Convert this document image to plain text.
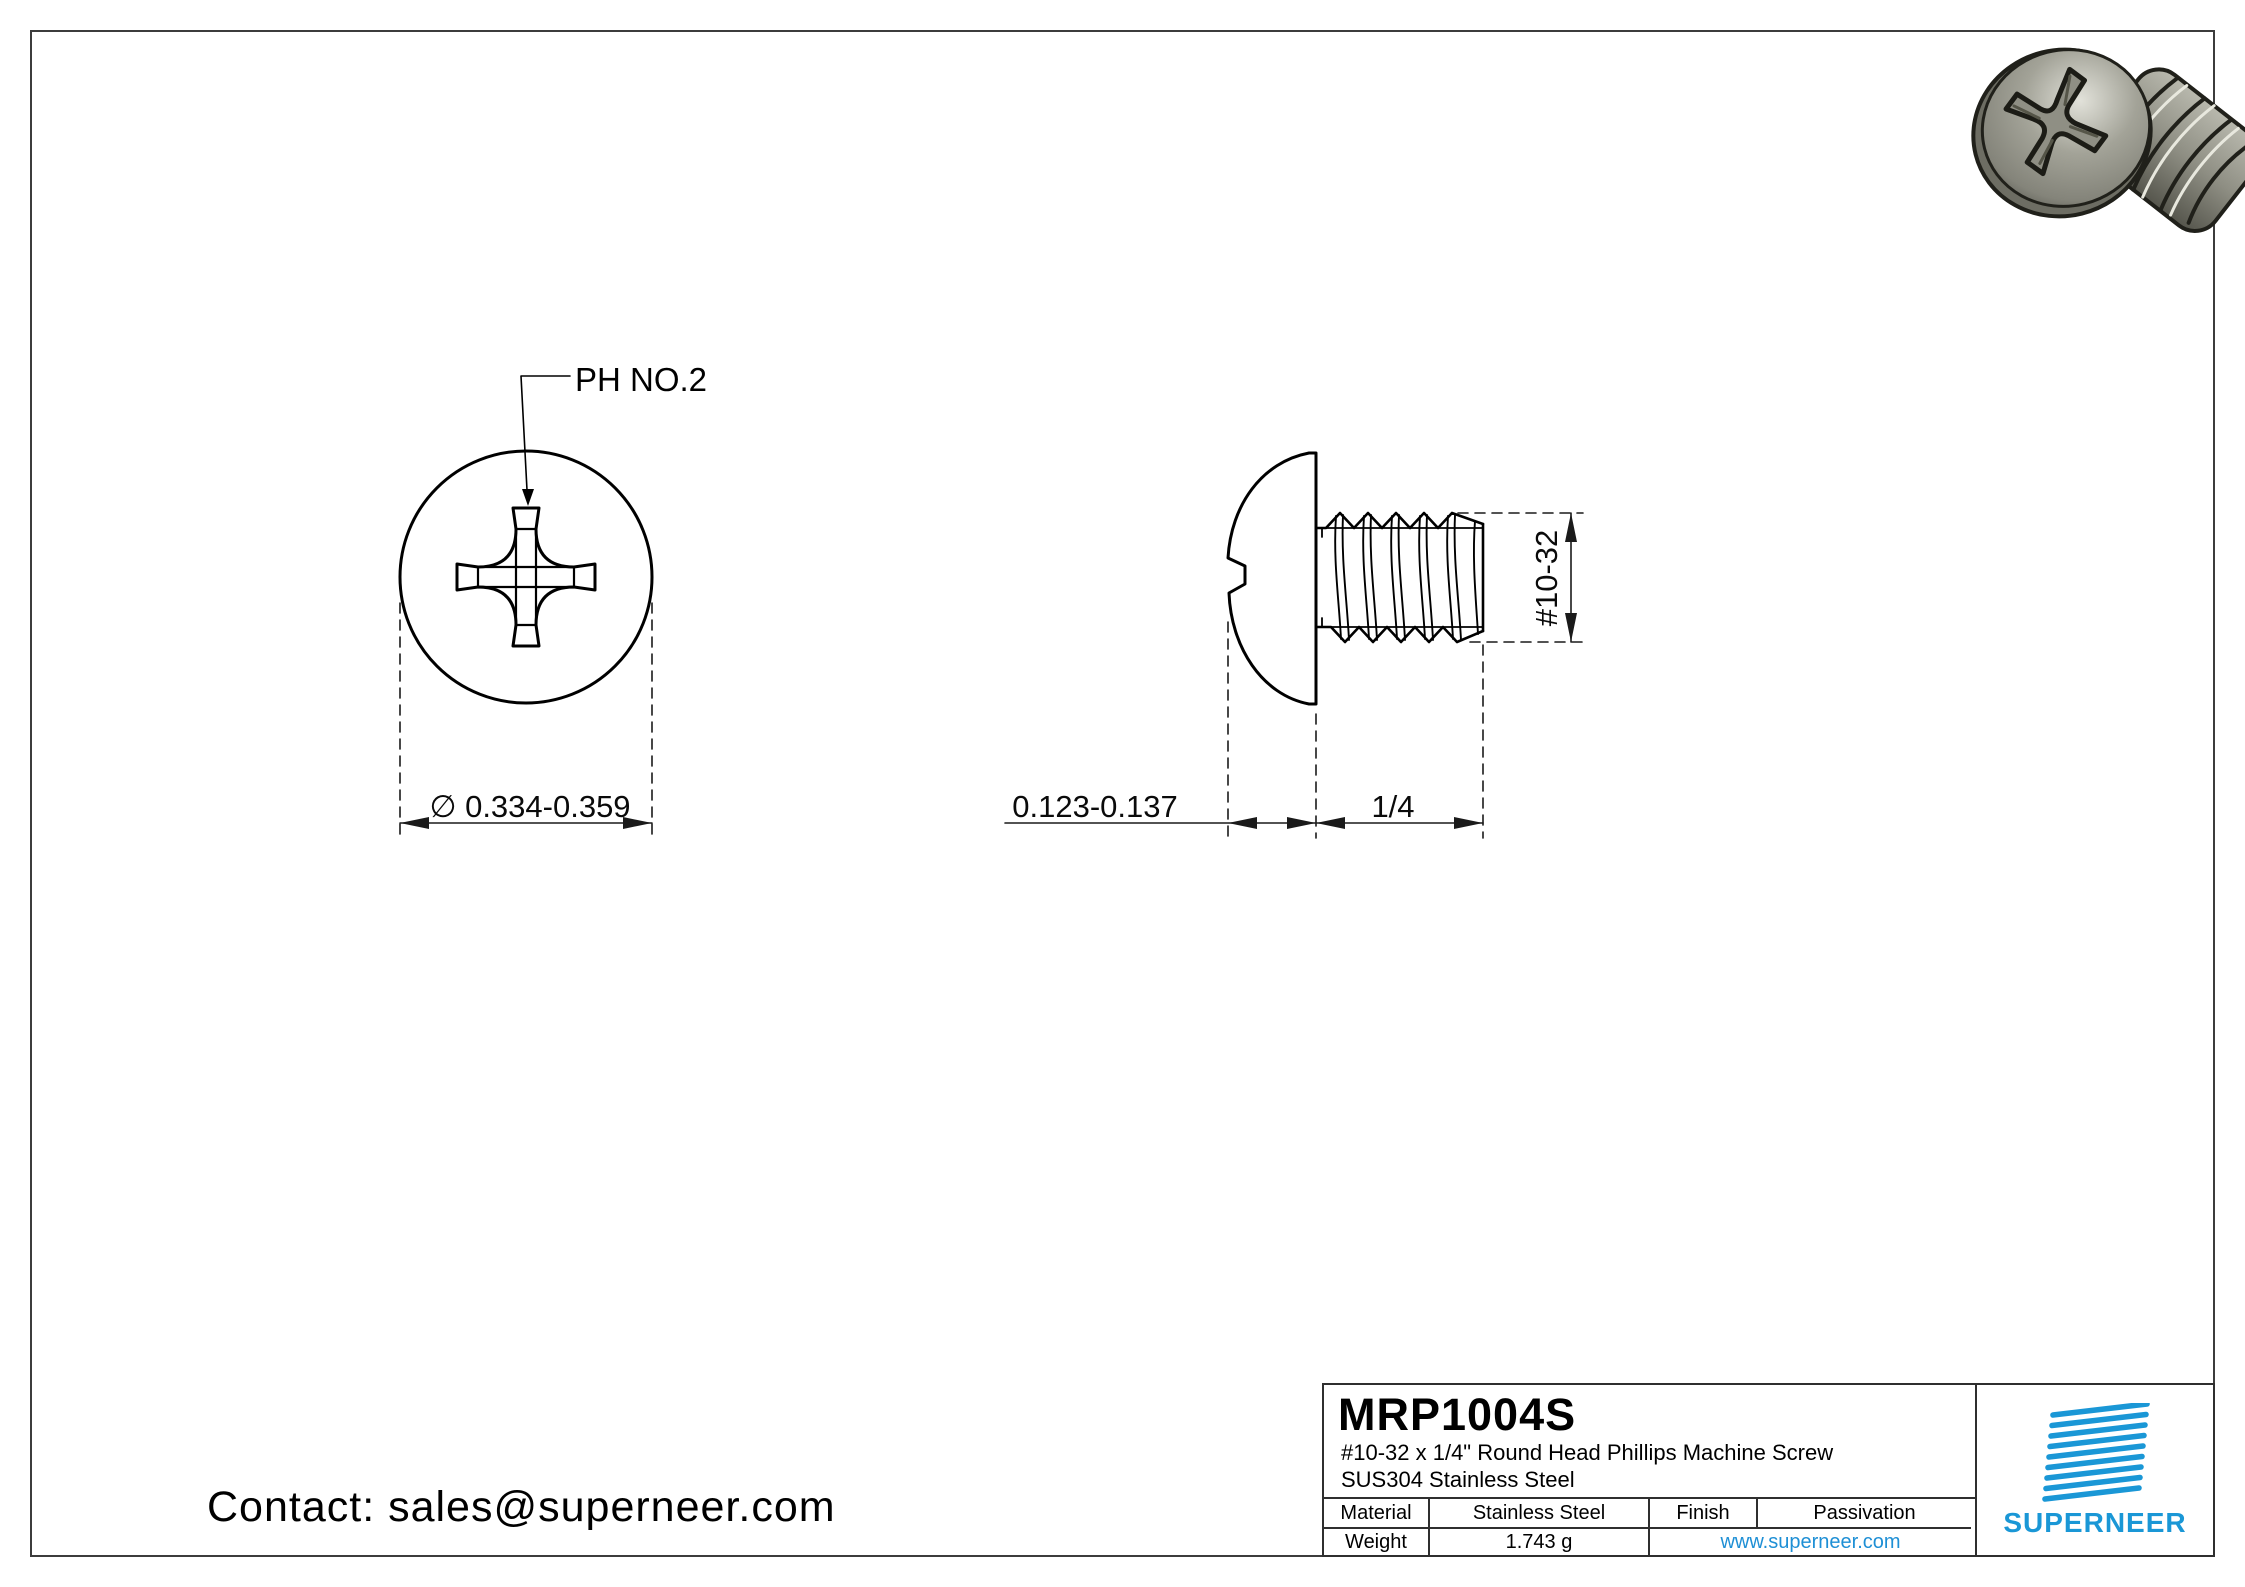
PH NO.2
∅ 0.334-0.359	0.123-0.137	1/4
#10-32
Contact: sales@superneer.com
MRP1004S
#10-32 x 1/4" Round Head Phillips Machine Screw
SUS304 Stainless Steel
Material	Stainless Steel	Finish	Passivation
Weight	1.743 g	www.superneer.com
SUPERNEER
